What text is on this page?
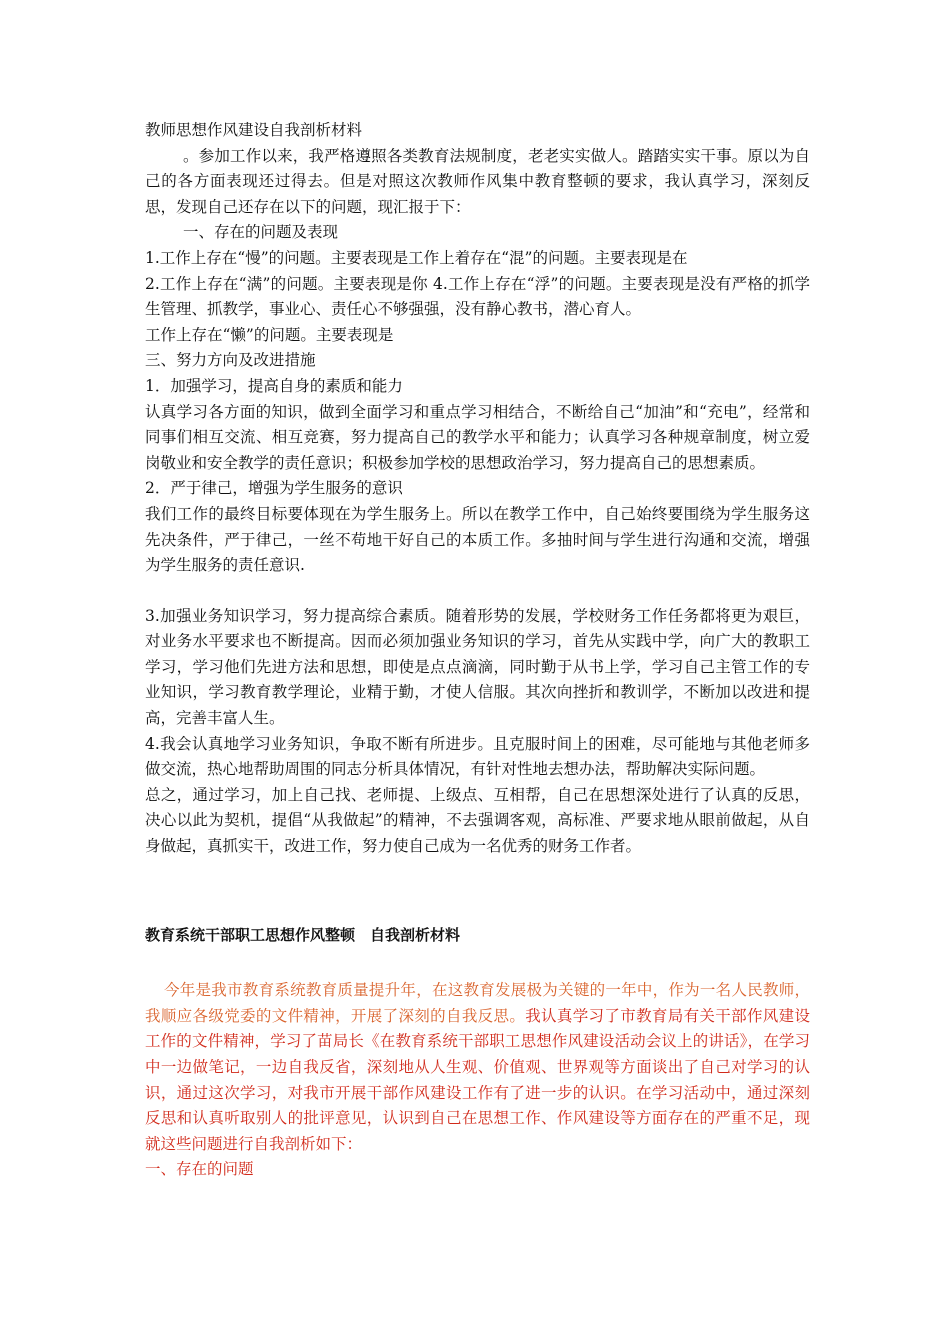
教师思想作风建设自我剖析材料

。参加工作以来，我严格遵照各类教育法规制度，老老实实做人。踏踏实实干事。原以为自己的各方面表现还过得去。但是对照这次教师作风集中教育整顿的要求，我认真学习，深刻反思，发现自己还存在以下的问题，现汇报于下：

一、存在的问题及表现

1.工作上存在“慢”的问题。主要表现是工作上着存在“混”的问题。主要表现是在

2.工作上存在“满”的问题。主要表现是你 4.工作上存在“浮”的问题。主要表现是没有严格的抓学生管理、抓教学，事业心、责任心不够强强，没有静心教书，潜心育人。

工作上存在“懒”的问题。主要表现是

三、努力方向及改进措施

1．加强学习，提高自身的素质和能力

认真学习各方面的知识，做到全面学习和重点学习相结合，不断给自己“加油”和“充电”，经常和同事们相互交流、相互竞赛，努力提高自己的教学水平和能力；认真学习各种规章制度，树立爱岗敬业和安全教学的责任意识；积极参加学校的思想政治学习，努力提高自己的思想素质。

2．严于律己，增强为学生服务的意识

我们工作的最终目标要体现在为学生服务上。所以在教学工作中，自己始终要围绕为学生服务这先决条件，严于律己，一丝不苟地干好自己的本质工作。多抽时间与学生进行沟通和交流，增强为学生服务的责任意识.

3.加强业务知识学习，努力提高综合素质。随着形势的发展，学校财务工作任务都将更为艰巨，对业务水平要求也不断提高。因而必须加强业务知识的学习，首先从实践中学，向广大的教职工学习，学习他们先进方法和思想，即使是点点滴滴，同时勤于从书上学，学习自己主管工作的专业知识，学习教育教学理论，业精于勤，才使人信服。其次向挫折和教训学，不断加以改进和提高，完善丰富人生。

4.我会认真地学习业务知识，争取不断有所进步。且克服时间上的困难，尽可能地与其他老师多做交流，热心地帮助周围的同志分析具体情况，有针对性地去想办法，帮助解决实际问题。

总之，通过学习，加上自己找、老师提、上级点、互相帮，自己在思想深处进行了认真的反思，决心以此为契机，提倡“从我做起”的精神，不去强调客观，高标准、严要求地从眼前做起，从自身做起，真抓实干，改进工作，努力使自己成为一名优秀的财务工作者。

教育系统干部职工思想作风整顿　自我剖析材料

今年是我市教育系统教育质量提升年，在这教育发展极为关键的一年中，作为一名人民教师，我顺应各级党委的文件精神，开展了深刻的自我反思。我认真学习了市教育局有关干部作风建设工作的文件精神，学习了苗局长《在教育系统干部职工思想作风建设活动会议上的讲话》，在学习中一边做笔记，一边自我反省，深刻地从人生观、价值观、世界观等方面谈出了自己对学习的认识，通过这次学习，对我市开展干部作风建设工作有了进一步的认识。在学习活动中，通过深刻反思和认真听取别人的批评意见，认识到自己在思想工作、作风建设等方面存在的严重不足，现就这些问题进行自我剖析如下：

一、存在的问题
